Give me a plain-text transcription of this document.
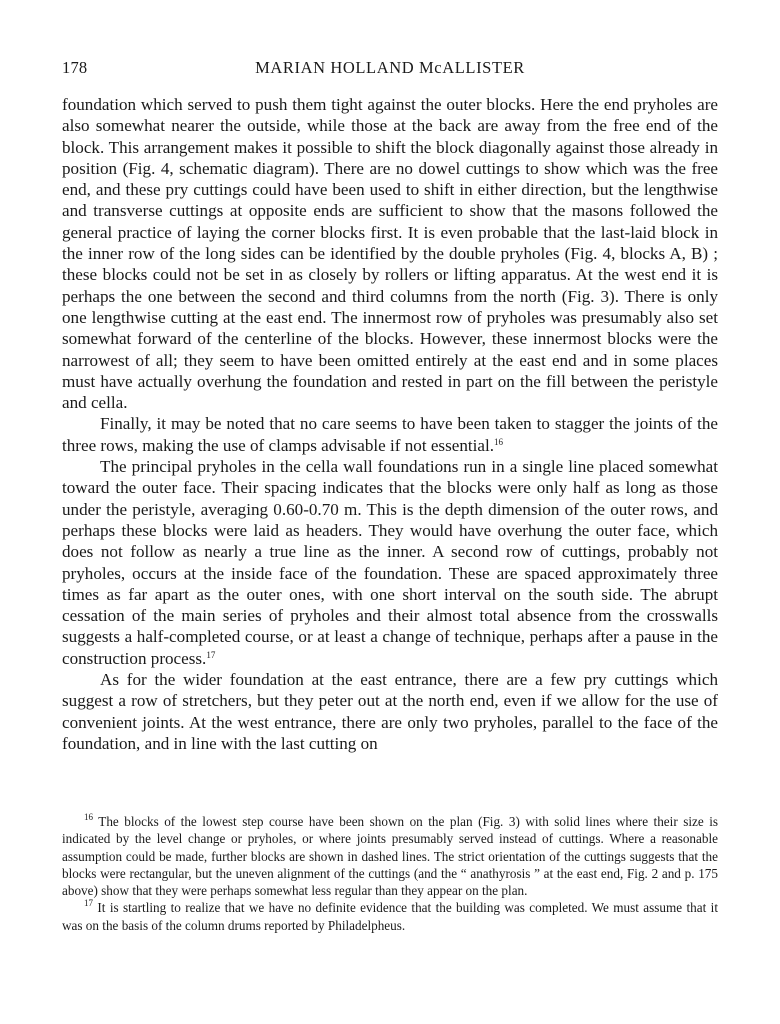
178	MARIAN HOLLAND McALLISTER

foundation which served to push them tight against the outer blocks. Here the end pryholes are also somewhat nearer the outside, while those at the back are away from the free end of the block. This arrangement makes it possible to shift the block diagonally against those already in position (Fig. 4, schematic diagram). There are no dowel cuttings to show which was the free end, and these pry cuttings could have been used to shift in either direction, but the lengthwise and transverse cuttings at opposite ends are sufficient to show that the masons followed the general practice of laying the corner blocks first. It is even probable that the last-laid block in the inner row of the long sides can be identified by the double pryholes (Fig. 4, blocks A, B) ; these blocks could not be set in as closely by rollers or lifting apparatus. At the west end it is perhaps the one between the second and third columns from the north (Fig. 3). There is only one lengthwise cutting at the east end. The innermost row of pryholes was presumably also set somewhat forward of the centerline of the blocks. However, these innermost blocks were the narrowest of all; they seem to have been omitted entirely at the east end and in some places must have actually overhung the foundation and rested in part on the fill between the peristyle and cella.

Finally, it may be noted that no care seems to have been taken to stagger the joints of the three rows, making the use of clamps advisable if not essential.$^{16}$

The principal pryholes in the cella wall foundations run in a single line placed somewhat toward the outer face. Their spacing indicates that the blocks were only half as long as those under the peristyle, averaging 0.60-0.70 m. This is the depth dimension of the outer rows, and perhaps these blocks were laid as headers. They would have overhung the outer face, which does not follow as nearly a true line as the inner. A second row of cuttings, probably not pryholes, occurs at the inside face of the foundation. These are spaced approximately three times as far apart as the outer ones, with one short interval on the south side. The abrupt cessation of the main series of pryholes and their almost total absence from the crosswalls suggests a half-completed course, or at least a change of technique, perhaps after a pause in the construction process.$^{17}$

As for the wider foundation at the east entrance, there are a few pry cuttings which suggest a row of stretchers, but they peter out at the north end, even if we allow for the use of convenient joints. At the west entrance, there are only two pryholes, parallel to the face of the foundation, and in line with the last cutting on

$^{16}$ The blocks of the lowest step course have been shown on the plan (Fig. 3) with solid lines where their size is indicated by the level change or pryholes, or where joints presumably served instead of cuttings. Where a reasonable assumption could be made, further blocks are shown in dashed lines. The strict orientation of the cuttings suggests that the blocks were rectangular, but the uneven alignment of the cuttings (and the “ anathyrosis ” at the east end, Fig. 2 and p. 175 above) show that they were perhaps somewhat less regular than they appear on the plan.

$^{17}$ It is startling to realize that we have no definite evidence that the building was completed. We must assume that it was on the basis of the column drums reported by Philadelpheus.
